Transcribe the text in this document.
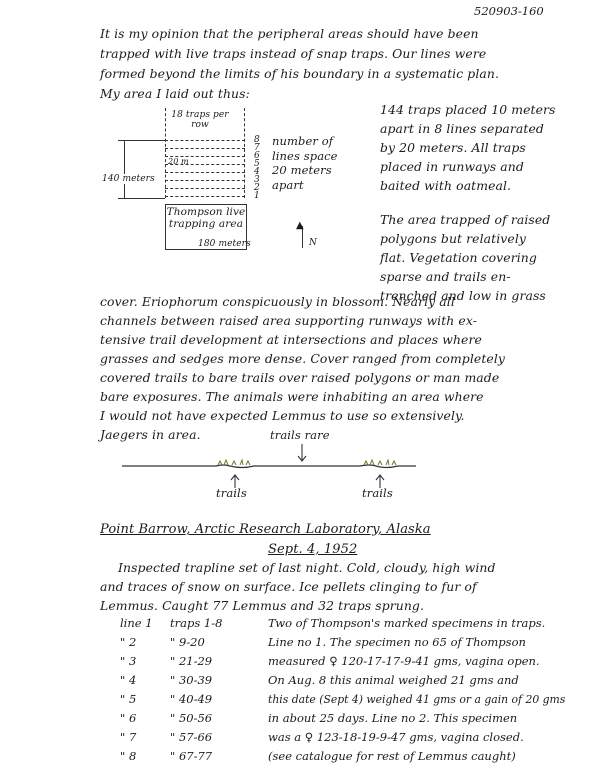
520903-160
It is my opinion that the peripheral areas should have been
trapped with live traps instead of snap traps. Our lines were
formed beyond the limits of his boundary in a systematic plan.
My area I laid out thus:
18 traps per row
8
7
6
5
4
3
2
1
20 m
140 meters
number of lines space 20 meters apart
Thompson live trapping area
180 meters
▲
N
144 traps placed 10 meters
apart in 8 lines separated
by 20 meters. All traps
placed in runways and
baited with oatmeal.
The area trapped of raised
polygons but relatively
flat. Vegetation covering
sparse and trails en-
trenched and low in grass
cover. Eriophorum conspicuously in blossom. Nearly all
channels between raised area supporting runways with ex-
tensive trail development at intersections and places where
grasses and sedges more dense. Cover ranged from completely
covered trails to bare trails over raised polygons or man made
bare exposures. The animals were inhabiting an area where
I would not have expected Lemmus to use so extensively.
Jaegers in area.	trails rare
trails	trails
Point Barrow, Arctic Research Laboratory, Alaska
Sept. 4, 1952
Inspected trapline set of last night. Cold, cloudy, high wind
and traces of snow on surface. Ice pellets clinging to fur of
Lemmus. Caught 77 Lemmus and 32 traps sprung.
line 1 traps 1-8	Two of Thompson's marked specimens in traps.
" 2	" 9-20	Line no 1. The specimen no 65 of Thompson
" 3	" 21-29	measured ♀ 120-17-17-9-41 gms, vagina open.
" 4	" 30-39	On Aug. 8 this animal weighed 21 gms and
" 5	" 40-49	this date (Sept 4) weighed 41 gms or a gain of 20 gms
" 6	" 50-56	in about 25 days. Line no 2. This specimen
" 7	" 57-66	was a ♀ 123-18-19-9-47 gms, vagina closed.
" 8	" 67-77	(see catalogue for rest of Lemmus caught)
